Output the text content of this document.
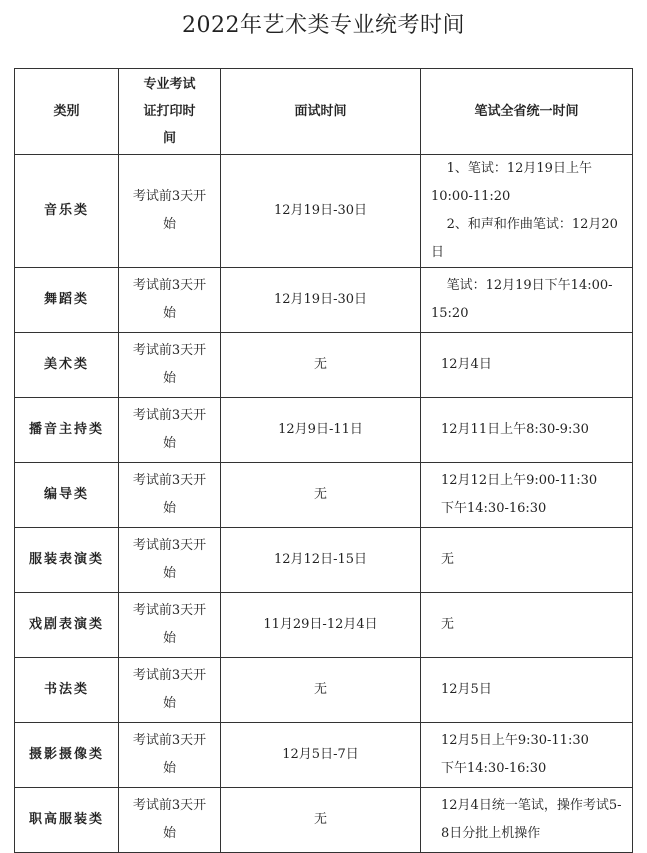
2022年艺术类专业统考时间
类别	专业考试证打印时间	面试时间	笔试全省统一时间
音乐类	考试前3天开始	12月19日-30日	1、笔试：12月19日上午10:00-11:20
2、和声和作曲笔试：12月20日

舞蹈类	考试前3天开始	12月19日-30日	笔试：12月19日下午14:00-15:20

美术类	考试前3天开始	无	12月4日

播音主持类	考试前3天开始	12月9日-11日	12月11日上午8:30-9:30

编导类	考试前3天开始	无	12月12日上午9:00-11:30
下午14:30-16:30

服装表演类	考试前3天开始	12月12日-15日	无

戏剧表演类	考试前3天开始	11月29日-12月4日	无

书法类	考试前3天开始	无	12月5日

摄影摄像类	考试前3天开始	12月5日-7日	12月5日上午9:30-11:30
下午14:30-16:30

职高服装类	考试前3天开始	无	12月4日统一笔试，操作考试5-8日分批上机操作
